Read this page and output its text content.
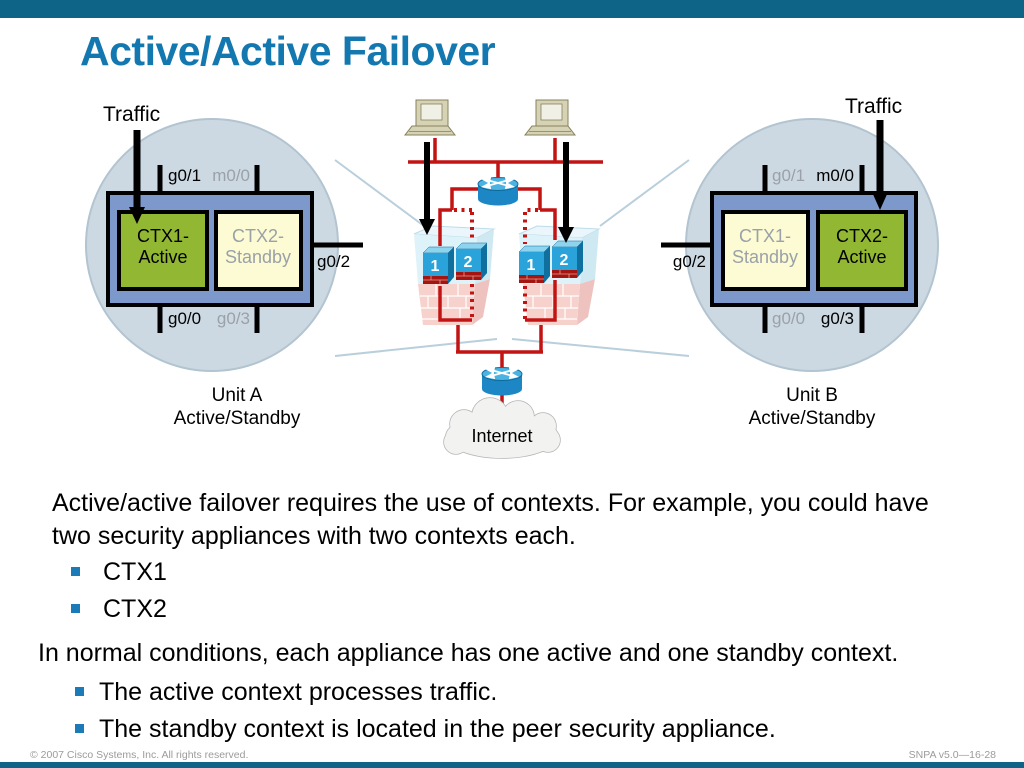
Active/Active Failover
CTX1-
Active
CTX2-
Standby
g0/1 m0/0
g0/2
g0/0 g0/3
Traffic
Unit A
Active/Standby
CTX1-
Standby
CTX2-
Active
g0/1 m0/0
g0/2
g0/0 g0/3
Traffic
Unit B
Active/Standby
1 2	1 2
Internet
Active/active failover requires the use of contexts. For example, you could have two security appliances with two contexts each.
CTX1
CTX2
In normal conditions, each appliance has one active and one standby context.
The active context processes traffic.
The standby context is located in the peer security appliance.
© 2007 Cisco Systems, Inc. All rights reserved.	SNPA v5.0—16-28
